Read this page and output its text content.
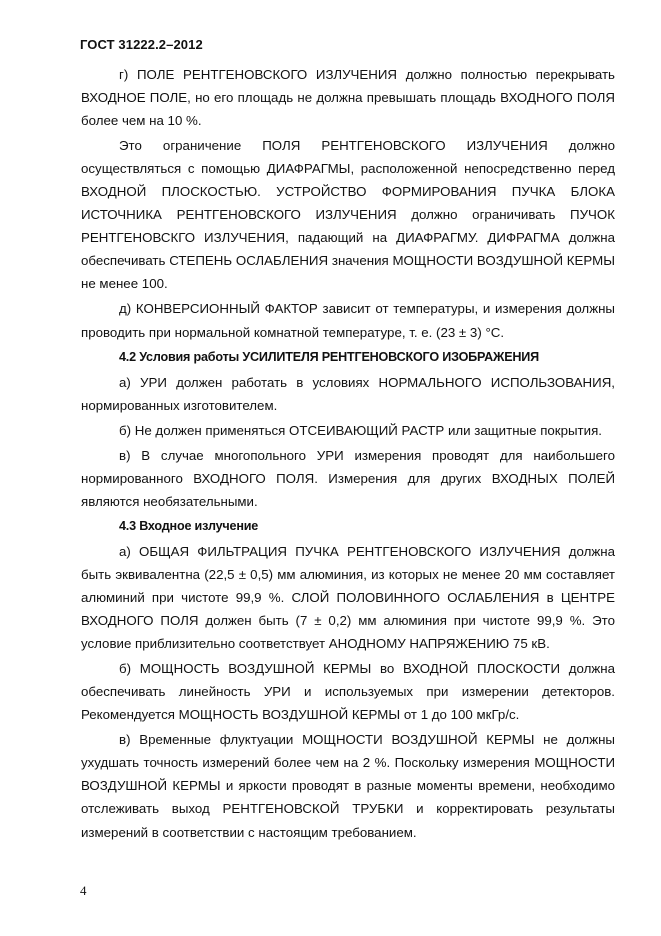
ГОСТ 31222.2–2012

г) ПОЛЕ РЕНТГЕНОВСКОГО ИЗЛУЧЕНИЯ должно полностью перекрывать ВХОДНОЕ ПОЛЕ, но его площадь не должна превышать площадь ВХОДНОГО ПОЛЯ более чем на 10 %.

Это ограничение ПОЛЯ РЕНТГЕНОВСКОГО ИЗЛУЧЕНИЯ должно осуществляться с помощью ДИАФРАГМЫ, расположенной непосредственно перед ВХОДНОЙ ПЛОСКОСТЬЮ. УСТРОЙСТВО ФОРМИРОВАНИЯ ПУЧКА БЛОКА ИСТОЧНИКА РЕНТГЕНОВСКОГО ИЗЛУЧЕНИЯ должно ограничивать ПУЧОК РЕНТГЕНОВСКГО ИЗЛУЧЕНИЯ, падающий на ДИАФРАГМУ. ДИФРАГМА должна обеспечивать СТЕПЕНЬ ОСЛАБЛЕНИЯ значения МОЩНОСТИ ВОЗДУШНОЙ КЕРМЫ не менее 100.

д) КОНВЕРСИОННЫЙ ФАКТОР зависит от температуры, и измерения должны проводить при нормальной комнатной температуре, т. е. (23 ± 3) °С.

4.2 Условия работы УСИЛИТЕЛЯ РЕНТГЕНОВСКОГО ИЗОБРАЖЕНИЯ

а) УРИ должен работать в условиях НОРМАЛЬНОГО ИСПОЛЬЗОВАНИЯ, нормированных изготовителем.

б) Не должен применяться ОТСЕИВАЮЩИЙ РАСТР или защитные покрытия.

в) В случае многопольного УРИ измерения проводят для наибольшего нормированного ВХОДНОГО ПОЛЯ. Измерения для других ВХОДНЫХ ПОЛЕЙ являются необязательными.

4.3 Входное излучение

а) ОБЩАЯ ФИЛЬТРАЦИЯ ПУЧКА РЕНТГЕНОВСКОГО ИЗЛУЧЕНИЯ должна быть эквивалентна (22,5 ± 0,5) мм алюминия, из которых не менее 20 мм составляет алюминий при чистоте 99,9 %. СЛОЙ ПОЛОВИННОГО ОСЛАБЛЕНИЯ в ЦЕНТРЕ ВХОДНОГО ПОЛЯ должен быть (7 ± 0,2) мм алюминия при чистоте 99,9 %. Это условие приблизительно соответствует АНОДНОМУ НАПРЯЖЕНИЮ 75 кВ.

б) МОЩНОСТЬ ВОЗДУШНОЙ КЕРМЫ во ВХОДНОЙ ПЛОСКОСТИ должна обеспечивать линейность УРИ и используемых при измерении детекторов. Рекомендуется МОЩНОСТЬ ВОЗДУШНОЙ КЕРМЫ от 1 до 100 мкГр/с.

в) Временные флуктуации МОЩНОСТИ ВОЗДУШНОЙ КЕРМЫ не должны ухудшать точность измерений более чем на 2 %. Поскольку измерения МОЩНОСТИ ВОЗДУШНОЙ КЕРМЫ и яркости проводят в разные моменты времени, необходимо отслеживать выход РЕНТГЕНОВСКОЙ ТРУБКИ и корректировать результаты измерений в соответствии с настоящим требованием.

4
